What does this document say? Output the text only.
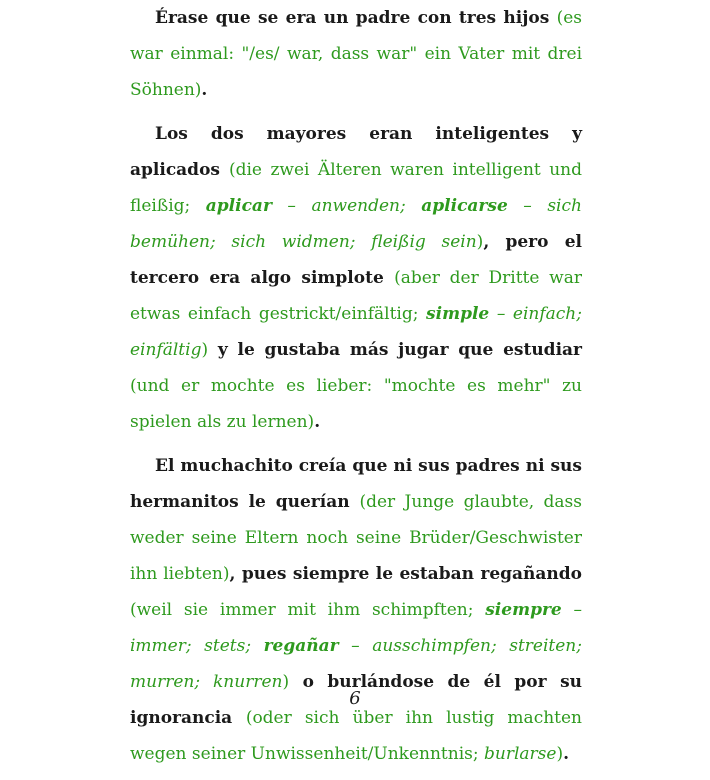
Érase que se era un padre con tres hijos (es war einmal: "/es/ war, dass war" ein Vater mit drei Söhnen).

Los dos mayores eran inteligentes y aplicados (die zwei Älteren waren intelligent und fleißig; aplicar – anwenden; aplicarse – sich bemühen; sich widmen; fleißig sein), pero el tercero era algo simplote (aber der Dritte war etwas einfach gestrickt/einfältig; simple – einfach; einfältig) y le gustaba más jugar que estudiar (und er mochte es lieber: "mochte es mehr" zu spielen als zu lernen).

El muchachito creía que ni sus padres ni sus hermanitos le querían (der Junge glaubte, dass weder seine Eltern noch seine Brüder/Geschwister ihn liebten), pues siempre le estaban regañando (weil sie immer mit ihm schimpften; siempre – immer; stets; regañar – ausschimpfen; streiten; murren; knurren) o burlándose de él por su ignorancia (oder sich über ihn lustig machten wegen seiner Unwissenheit/Unkenntnis; burlarse).

6
